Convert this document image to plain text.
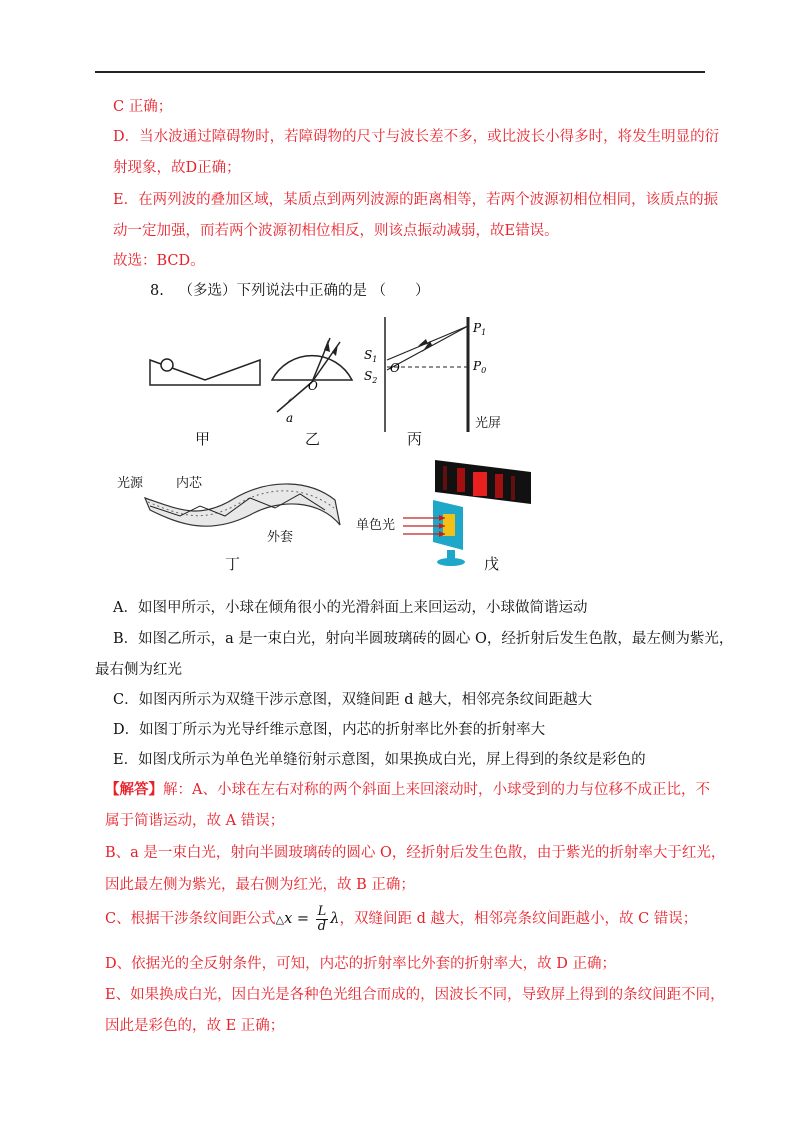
C 正确；
D．当水波通过障碍物时，若障碍物的尺寸与波长差不多，或比波长小得多时，将发生明显的衍
射现象，故D正确；
E．在两列波的叠加区域，某质点到两列波源的距离相等，若两个波源初相位相同，该质点的振
动一定加强，而若两个波源初相位相反，则该点振动减弱，故E错误。
故选：BCD。
8. （多选）下列说法中正确的是 （　　）
甲
O
a
乙
$S_1$
$S_2$
O
$P_1$
$P_0$
光屏
丙
光源	内芯
外套
丁
单色光
戊
A．如图甲所示，小球在倾角很小的光滑斜面上来回运动，小球做简谐运动
B．如图乙所示，a 是一束白光，射向半圆玻璃砖的圆心 O，经折射后发生色散，最左侧为紫光，
最右侧为红光
C．如图丙所示为双缝干涉示意图，双缝间距 d 越大，相邻亮条纹间距越大
D．如图丁所示为光导纤维示意图，内芯的折射率比外套的折射率大
E．如图戊所示为单色光单缝衍射示意图，如果换成白光，屏上得到的条纹是彩色的
【解答】解：A、小球在左右对称的两个斜面上来回滚动时，小球受到的力与位移不成正比，不
属于简谐运动，故 A 错误；
B、a 是一束白光，射向半圆玻璃砖的圆心 O，经折射后发生色散，由于紫光的折射率大于红光，
因此最左侧为紫光，最右侧为红光，故 B 正确；
C、根据干涉条纹间距公式△x = $\frac{L}{d}$ λ，双缝间距 d 越大，相邻亮条纹间距越小，故 C 错误；
D、依据光的全反射条件，可知，内芯的折射率比外套的折射率大，故 D 正确；
E、如果换成白光，因白光是各种色光组合而成的，因波长不同，导致屏上得到的条纹间距不同，
因此是彩色的，故 E 正确；
